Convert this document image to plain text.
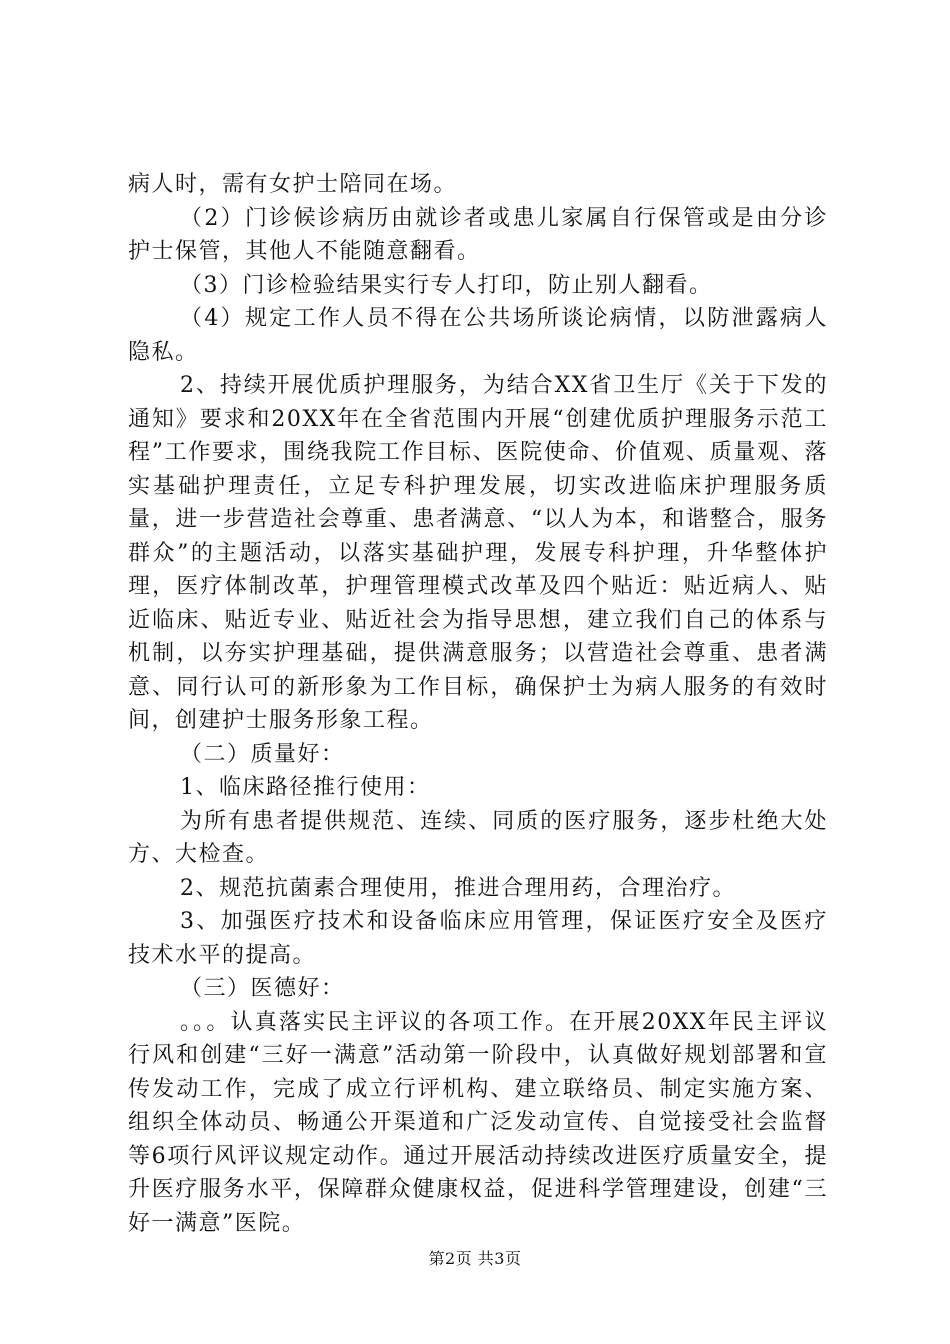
病人时，需有女护士陪同在场。

（2）门诊候诊病历由就诊者或患儿家属自行保管或是由分诊护士保管，其他人不能随意翻看。

（3）门诊检验结果实行专人打印，防止别人翻看。

（4）规定工作人员不得在公共场所谈论病情，以防泄露病人隐私。

2、持续开展优质护理服务，为结合XX省卫生厅《关于下发的通知》要求和20XX年在全省范围内开展“创建优质护理服务示范工程”工作要求，围绕我院工作目标、医院使命、价值观、质量观、落实基础护理责任，立足专科护理发展，切实改进临床护理服务质量，进一步营造社会尊重、患者满意、“以人为本，和谐整合，服务群众”的主题活动，以落实基础护理，发展专科护理，升华整体护理，医疗体制改革，护理管理模式改革及四个贴近：贴近病人、贴近临床、贴近专业、贴近社会为指导思想，建立我们自己的体系与机制，以夯实护理基础，提供满意服务；以营造社会尊重、患者满意、同行认可的新形象为工作目标，确保护士为病人服务的有效时间，创建护士服务形象工程。

（二）质量好：

1、临床路径推行使用：

为所有患者提供规范、连续、同质的医疗服务，逐步杜绝大处方、大检查。

2、规范抗菌素合理使用，推进合理用药，合理治疗。

3、加强医疗技术和设备临床应用管理，保证医疗安全及医疗技术水平的提高。

（三）医德好：

。。。认真落实民主评议的各项工作。在开展20XX年民主评议行风和创建“三好一满意”活动第一阶段中，认真做好规划部署和宣传发动工作，完成了成立行评机构、建立联络员、制定实施方案、组织全体动员、畅通公开渠道和广泛发动宣传、自觉接受社会监督等6项行风评议规定动作。通过开展活动持续改进医疗质量安全，提升医疗服务水平，保障群众健康权益，促进科学管理建设，创建“三好一满意”医院。

第2页 共3页
